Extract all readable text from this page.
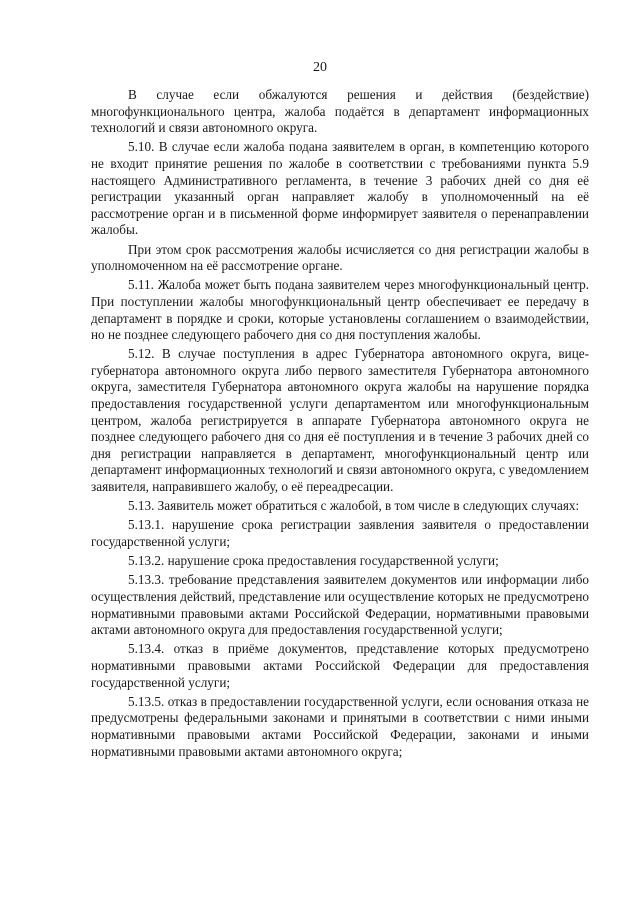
20

В случае если обжалуются решения и действия (бездействие) многофункционального центра, жалоба подаётся в департамент информационных технологий и связи автономного округа.

5.10. В случае если жалоба подана заявителем в орган, в компетенцию которого не входит принятие решения по жалобе в соответствии с требованиями пункта 5.9 настоящего Административного регламента, в течение 3 рабочих дней со дня её регистрации указанный орган направляет жалобу в уполномоченный на её рассмотрение орган и в письменной форме информирует заявителя о перенаправлении жалобы.

При этом срок рассмотрения жалобы исчисляется со дня регистрации жалобы в уполномоченном на её рассмотрение органе.

5.11. Жалоба может быть подана заявителем через многофункциональный центр. При поступлении жалобы многофункциональный центр обеспечивает ее передачу в департамент в порядке и сроки, которые установлены соглашением о взаимодействии, но не позднее следующего рабочего дня со дня поступления жалобы.

5.12. В случае поступления в адрес Губернатора автономного округа, вице-губернатора автономного округа либо первого заместителя Губернатора автономного округа, заместителя Губернатора автономного округа жалобы на нарушение порядка предоставления государственной услуги департаментом или многофункциональным центром, жалоба регистрируется в аппарате Губернатора автономного округа не позднее следующего рабочего дня со дня её поступления и в течение 3 рабочих дней со дня регистрации направляется в департамент, многофункциональный центр или департамент информационных технологий и связи автономного округа, с уведомлением заявителя, направившего жалобу, о её переадресации.

5.13. Заявитель может обратиться с жалобой, в том числе в следующих случаях:

5.13.1. нарушение срока регистрации заявления заявителя о предоставлении государственной услуги;

5.13.2. нарушение срока предоставления государственной услуги;

5.13.3. требование представления заявителем документов или информации либо осуществления действий, представление или осуществление которых не предусмотрено нормативными правовыми актами Российской Федерации, нормативными правовыми актами автономного округа для предоставления государственной услуги;

5.13.4. отказ в приёме документов, представление которых предусмотрено нормативными правовыми актами Российской Федерации для предоставления государственной услуги;

5.13.5. отказ в предоставлении государственной услуги, если основания отказа не предусмотрены федеральными законами и принятыми в соответствии с ними иными нормативными правовыми актами Российской Федерации, законами и иными нормативными правовыми актами автономного округа;
